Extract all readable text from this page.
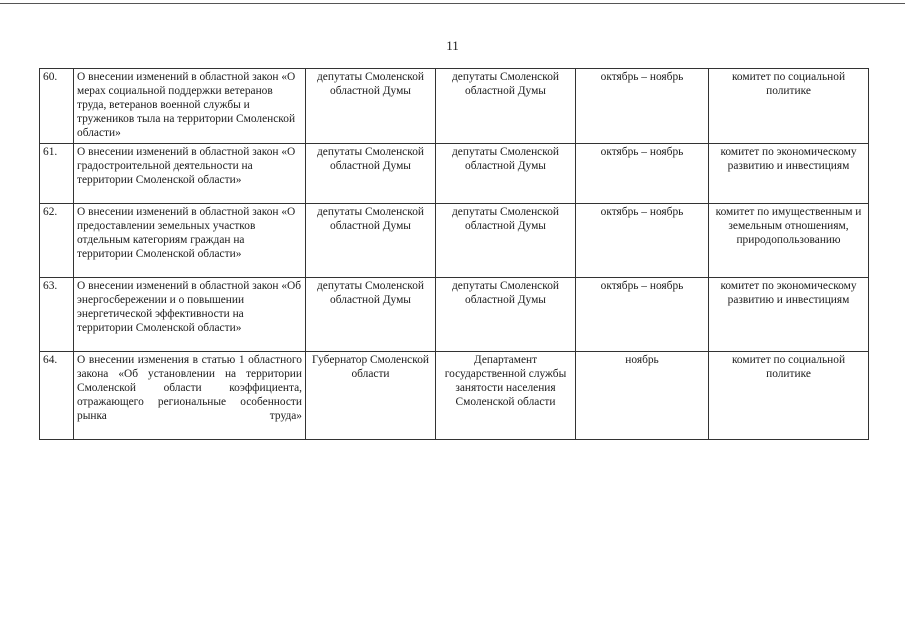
11
60.	О внесении изменений в областной закон «О мерах социальной поддержки ветеранов труда, ветеранов военной службы и тружеников тыла на территории Смоленской области»	депутаты Смоленской областной Думы	депутаты Смоленской областной Думы	октябрь – ноябрь	комитет по социальной политике
61.	О внесении изменений в областной закон «О градостроительной деятельности на территории Смоленской области»	депутаты Смоленской областной Думы	депутаты Смоленской областной Думы	октябрь – ноябрь	комитет по экономическому развитию и инвестициям
62.	О внесении изменений в областной закон «О предоставлении земельных участков отдельным категориям граждан на территории Смоленской области»	депутаты Смоленской областной Думы	депутаты Смоленской областной Думы	октябрь – ноябрь	комитет по имущественным и земельным отношениям, природопользованию
63.	О внесении изменений в областной закон «Об энергосбережении и о повышении энергетической эффективности на территории Смоленской области»	депутаты Смоленской областной Думы	депутаты Смоленской областной Думы	октябрь – ноябрь	комитет по экономическому развитию и инвестициям
64.	О внесении изменения в статью 1 областного закона «Об установлении на территории Смоленской области коэффициента, отражающего региональные особенности рынка труда»	Губернатор Смоленской области	Департамент государственной службы занятости населения Смоленской области	ноябрь	комитет по социальной политике
